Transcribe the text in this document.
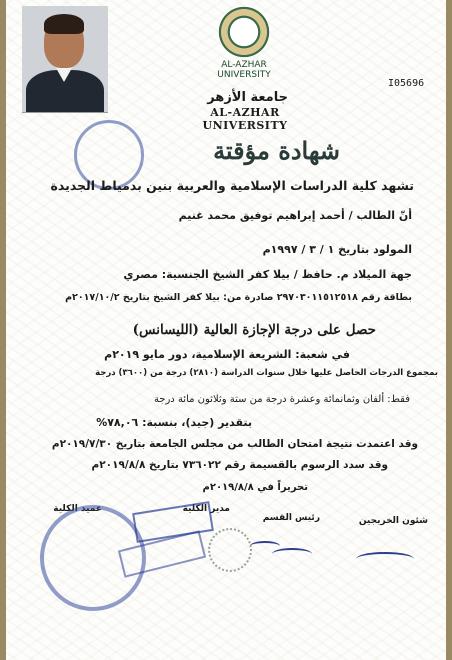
AL-AZHAR UNIVERSITY
I05696
جامعة الأزهر
AL-AZHAR UNIVERSITY
شهادة مؤقتة
تشهد كلية الدراسات الإسلامية والعربية بنين بدمياط الجديدة
أنّ الطالب / أحمد إبراهيم توفيق محمد غنيم
المولود بتاريخ ١ / ٣ / ١٩٩٧م
جهة الميلاد م. حافظ / بيلا كفر الشيخ الجنسية: مصري
بطاقة رقم ٢٩٧٠٣٠١١٥١٢٥١٨ صادرة من: بيلا كفر الشيخ بتاريخ ٢٠١٧/١٠/٢م
حصل على درجة الإجازة العالية (الليسانس)
في شعبة: الشريعة الإسلامية، دور مايو ٢٠١٩م
بمجموع الدرجات الحاصل عليها خلال سنوات الدراسة (٢٨١٠) درجة من (٣٦٠٠) درجة
فقط: ألفان وثمانمائة وعشرة درجة من ستة وثلاثون مائة درجة
بتقدير (جيد)، بنسبة: ٧٨,٠٦%
وقد اعتمدت نتيجة امتحان الطالب من مجلس الجامعة بتاريخ ٢٠١٩/٧/٣٠م
وقد سدد الرسوم بالقسيمة رقم ٧٣٦٠٢٢ بتاريخ ٢٠١٩/٨/٨م
تحريراً في ٢٠١٩/٨/٨م
شئون الخريجين
رئيس القسم
مدير الكلية
عميد الكلية
